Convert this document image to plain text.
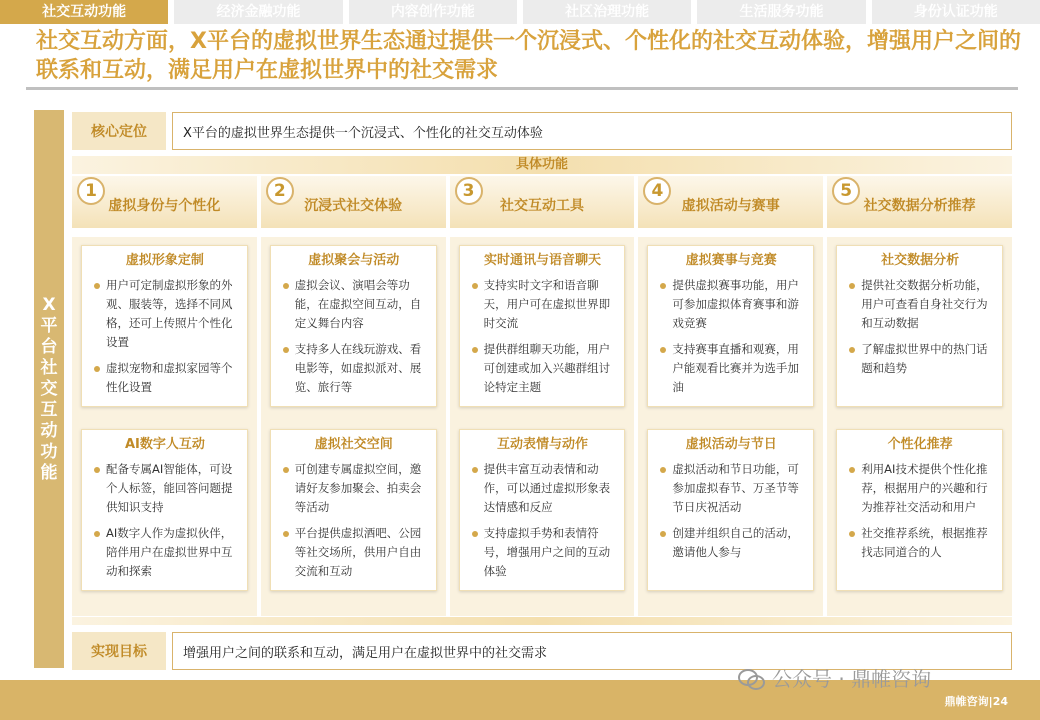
社交互动功能	经济金融功能	内容创作功能	社区治理功能	生活服务功能	身份认证功能
社交互动方面，X平台的虚拟世界生态通过提供一个沉浸式、个性化的社交互动体验，增强用户之间的联系和互动，满足用户在虚拟世界中的社交需求
X平台社交互动功能
核心定位	X平台的虚拟世界生态提供一个沉浸式、个性化的社交互动体验
具体功能
1
虚拟身份与个性化
虚拟形象定制
用户可定制虚拟形象的外观、服装等，选择不同风格，还可上传照片个性化设置
虚拟宠物和虚拟家园等个性化设置
AI数字人互动
配备专属AI智能体，可设个人标签，能回答问题提供知识支持
AI数字人作为虚拟伙伴，陪伴用户在虚拟世界中互动和探索
2
沉浸式社交体验
虚拟聚会与活动
虚拟会议、演唱会等功能，在虚拟空间互动，自定义舞台内容
支持多人在线玩游戏、看电影等，如虚拟派对、展览、旅行等
虚拟社交空间
可创建专属虚拟空间，邀请好友参加聚会、拍卖会等活动
平台提供虚拟酒吧、公园等社交场所，供用户自由交流和互动
3
社交互动工具
实时通讯与语音聊天
支持实时文字和语音聊天，用户可在虚拟世界即时交流
提供群组聊天功能，用户可创建或加入兴趣群组讨论特定主题
互动表情与动作
提供丰富互动表情和动作，可以通过虚拟形象表达情感和反应
支持虚拟手势和表情符号，增强用户之间的互动体验
4
虚拟活动与赛事
虚拟赛事与竞赛
提供虚拟赛事功能，用户可参加虚拟体育赛事和游戏竞赛
支持赛事直播和观赛，用户能观看比赛并为选手加油
虚拟活动与节日
虚拟活动和节日功能，可参加虚拟春节、万圣节等节日庆祝活动
创建并组织自己的活动，邀请他人参与
5
社交数据分析推荐
社交数据分析
提供社交数据分析功能，用户可查看自身社交行为和互动数据
了解虚拟世界中的热门话题和趋势
个性化推荐
利用AI技术提供个性化推荐，根据用户的兴趣和行为推荐社交活动和用户
社交推荐系统，根据推荐找志同道合的人
实现目标	增强用户之间的联系和互动，满足用户在虚拟世界中的社交需求
公众号 · 鼎帷咨询
鼎帷咨询|24
